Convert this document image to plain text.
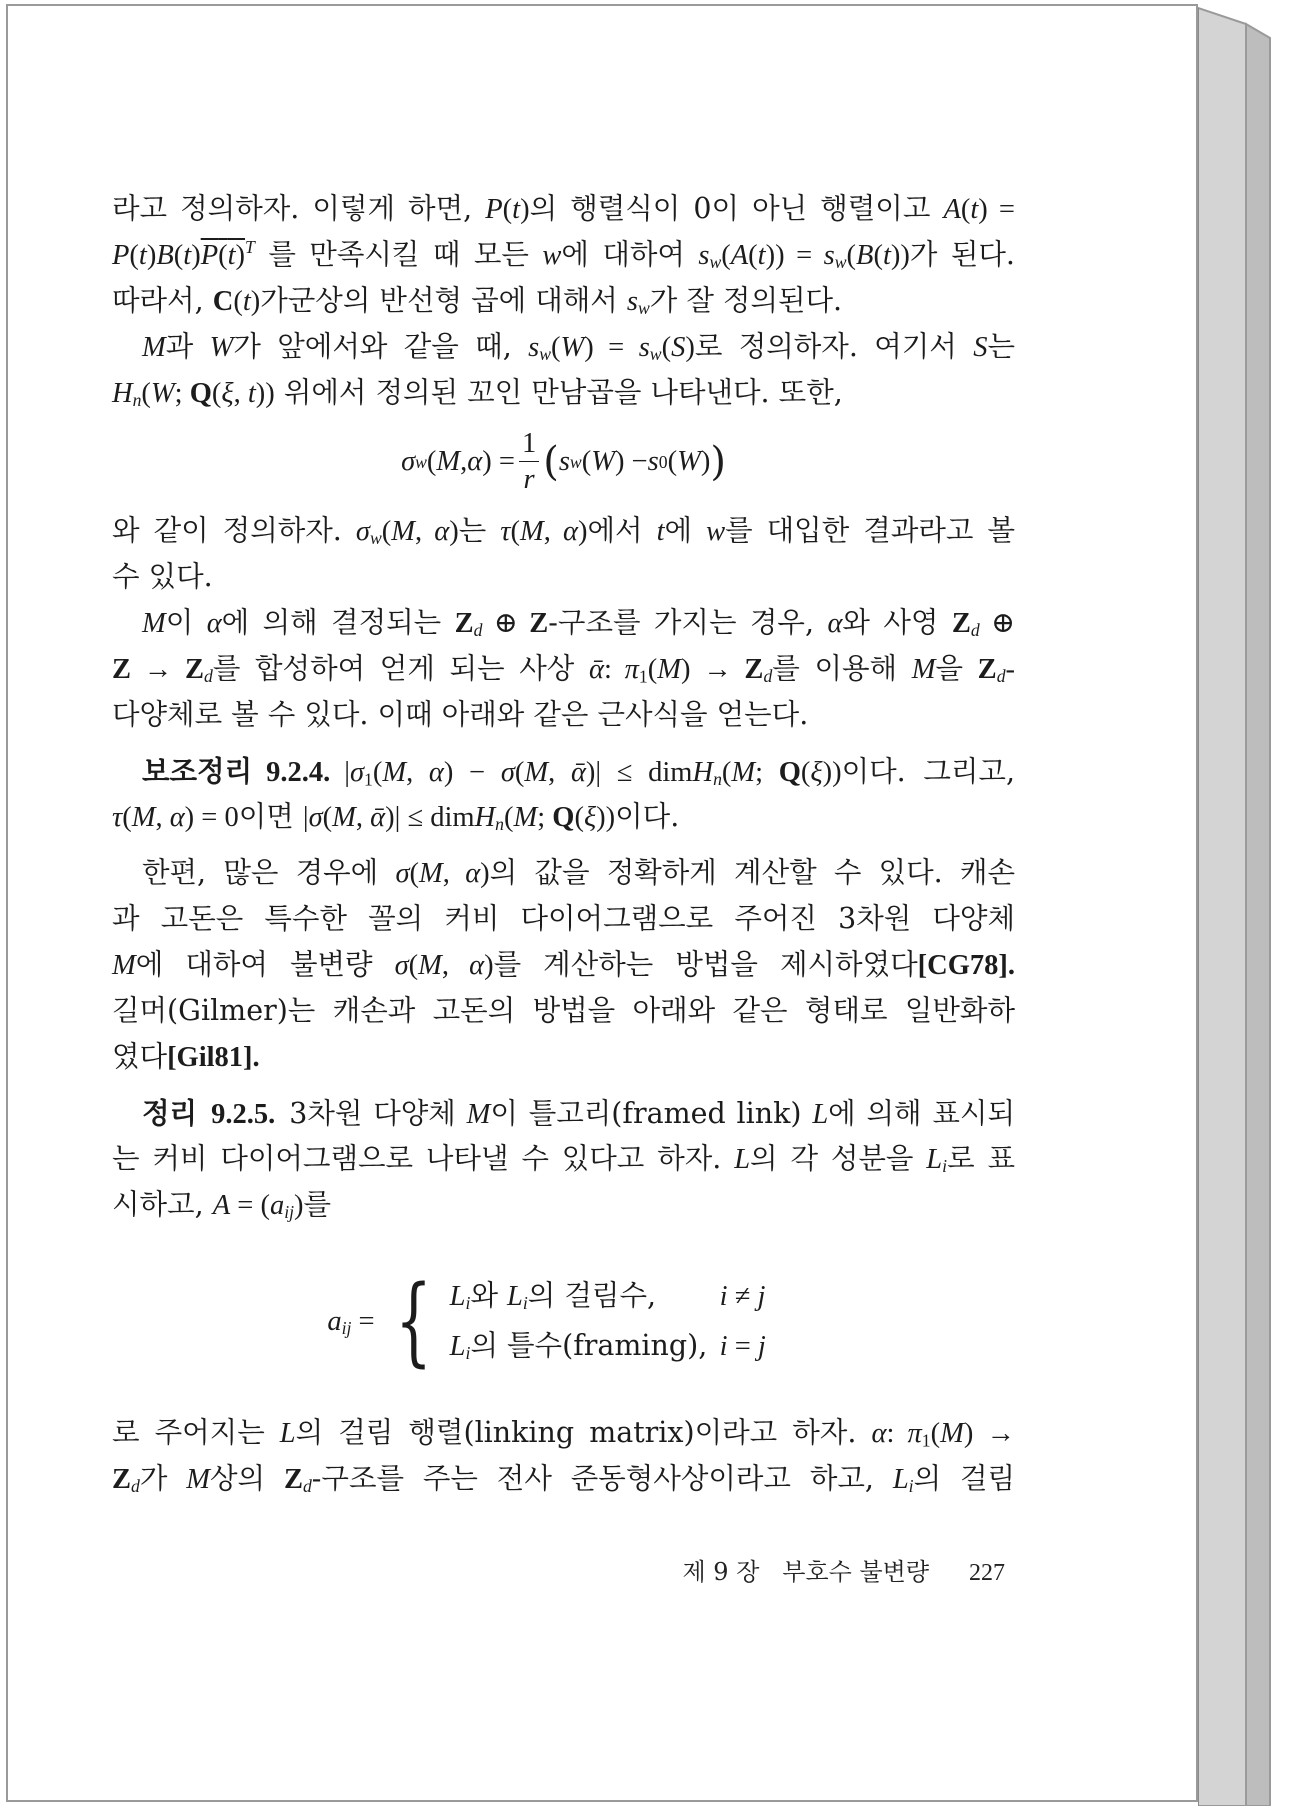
라고 정의하자. 이렇게 하면, P(t)의 행렬식이 0이 아닌 행렬이고 A(t) =
$P(t)B(t)P(t)^T$ 를 만족시킬 때 모든 w에 대하여 $s_w(A(t)) = s_w(B(t))$가 된다.
따라서, C(t)가군상의 반선형 곱에 대해서 $s_w$가 잘 정의된다.
M과 W가 앞에서와 같을 때, $s_w(W) = s_w(S)$로 정의하자. 여기서 S는
$H_n(W$; Q(ξ, t)) 위에서 정의된 꼬인 만남곱을 나타낸다. 또한,
σ w ( M , α ) = $\frac{1}{r}$ ( s w ( W ) − s 0 ( W ) )
와 같이 정의하자. $\sigma_w(M$, α)는 τ(M, α)에서 t에 w를 대입한 결과라고 볼
수 있다.
M이 α에 의해 결정되는 $Z_d$ ⊕ Z-구조를 가지는 경우, α와 사영 $Z_d$ ⊕
$Z \to Z_d$를 합성하여 얻게 되는 사상 ᾱ: $\pi_1(M) \to Z_d$를 이용해 M을 $Z_d-$
다양체로 볼 수 있다. 이때 아래와 같은 근사식을 얻는다.
보조정리 9.2.4. $|\sigma_1(M$, α) − σ(M, ᾱ)| ≤ dimH$_n$(M; Q(ξ))이다. 그리고,
τ(M, α) = 0이면 |σ(M, ᾱ)| ≤ dimH$_n$(M; Q(ξ))이다.
한편, 많은 경우에 σ(M, α)의 값을 정확하게 계산할 수 있다. 캐손
과 고돈은 특수한 꼴의 커비 다이어그램으로 주어진 3차원 다양체
M에 대하여 불변량 σ(M, α)를 계산하는 방법을 제시하였다[CG78].
길머(Gilmer)는 캐손과 고돈의 방법을 아래와 같은 형태로 일반화하
였다[Gil81].
정리 9.2.5. 3차원 다양체 M이 틀고리(framed link) L에 의해 표시되
는 커비 다이어그램으로 나타낼 수 있다고 하자. L의 각 성분을 $L_i$로 표
시하고, $A = (a_{ij})$를
$a_{ij}$ = { $L_i$와 $L_i$의 걸림수,	i ≠ j
$L_i$의 틀수(framing), i = j
로 주어지는 L의 걸림 행렬(linking matrix)이라고 하자. α: $\pi_1(M)$ →
$Z_d$가 M상의 $Z_d-$구조를 주는 전사 준동형사상이라고 하고, $L_i$의 걸림
제 9 장   부호수 불변량 227
